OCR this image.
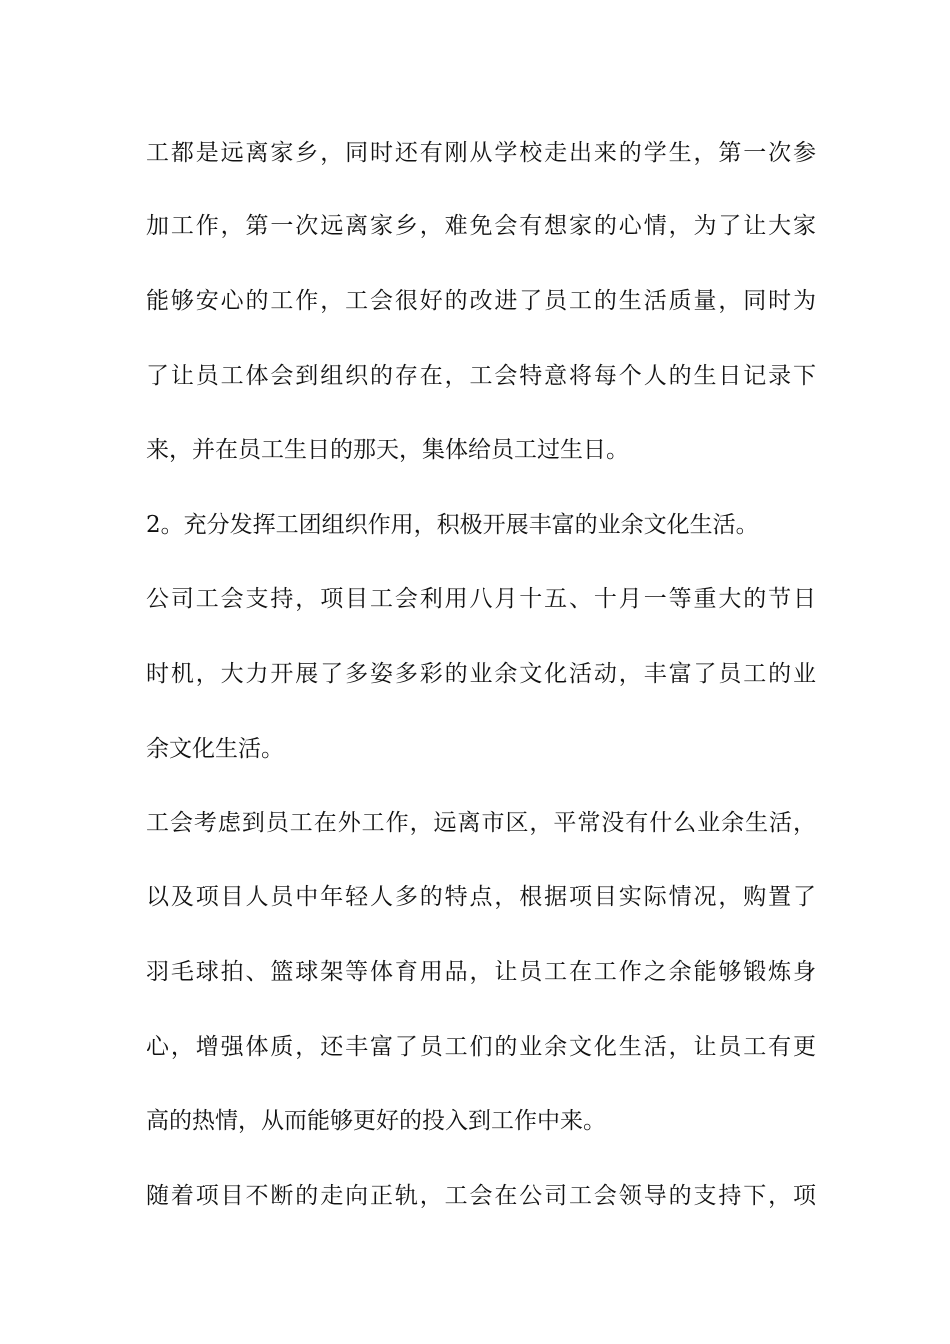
工都是远离家乡，同时还有刚从学校走出来的学生，第一次参
加工作，第一次远离家乡，难免会有想家的心情，为了让大家
能够安心的工作，工会很好的改进了员工的生活质量，同时为
了让员工体会到组织的存在，工会特意将每个人的生日记录下
来，并在员工生日的那天，集体给员工过生日。
2。充分发挥工团组织作用，积极开展丰富的业余文化生活。
公司工会支持，项目工会利用八月十五、十月一等重大的节日
时机，大力开展了多姿多彩的业余文化活动，丰富了员工的业
余文化生活。
工会考虑到员工在外工作，远离市区，平常没有什么业余生活，
以及项目人员中年轻人多的特点，根据项目实际情况，购置了
羽毛球拍、篮球架等体育用品，让员工在工作之余能够锻炼身
心，增强体质，还丰富了员工们的业余文化生活，让员工有更
高的热情，从而能够更好的投入到工作中来。
随着项目不断的走向正轨，工会在公司工会领导的支持下，项
